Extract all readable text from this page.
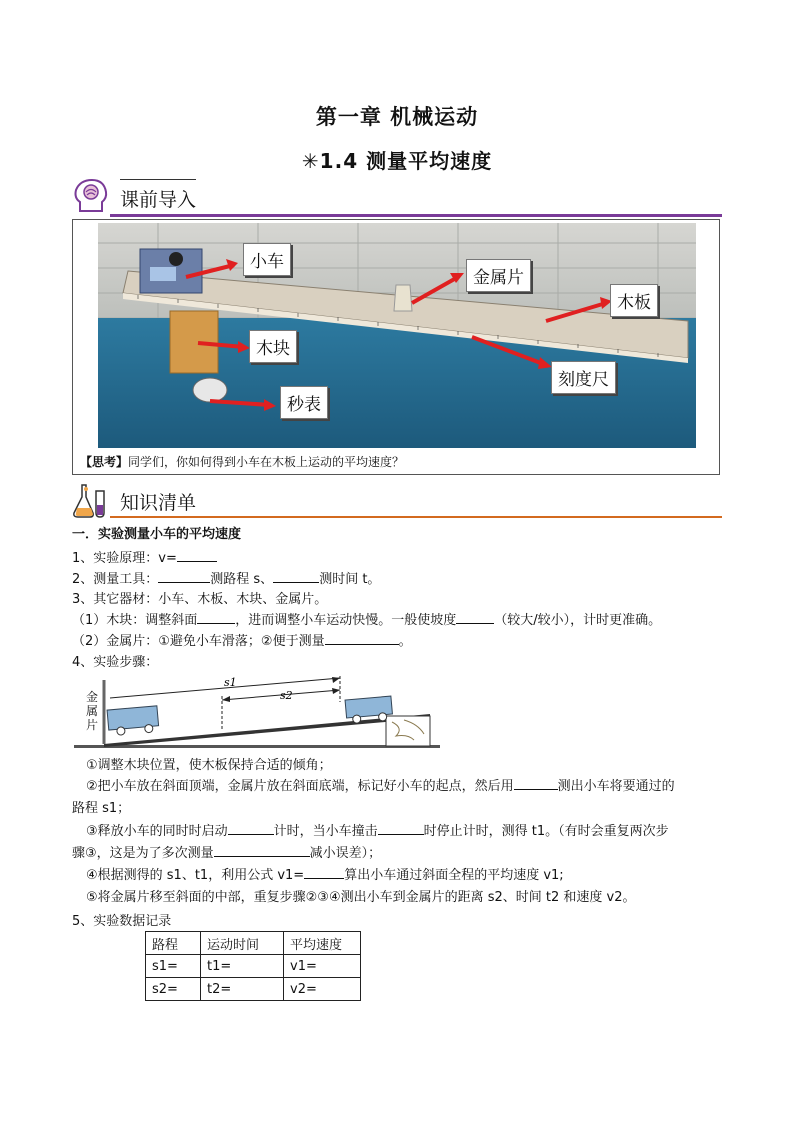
第一章 机械运动
✳1.4 测量平均速度
课前导入
小车
金属片
木板
木块
刻度尺
秒表
【思考】同学们，你如何得到小车在木板上运动的平均速度？
知识清单
一．实验测量小车的平均速度
1、实验原理：v=
2、测量工具：	测路程 s、	测时间 t。
3、其它器材：小车、木板、木块、金属片。
（1）木块：调整斜面	，进而调整小车运动快慢。一般使坡度	（较大/较小），计时更准确。
（2）金属片：①避免小车滑落；②便于测量	。
4、实验步骤：
s1
s2
金属片
①调整木块位置，使木板保持合适的倾角；
②把小车放在斜面顶端，金属片放在斜面底端，标记好小车的起点，然后用	测出小车将要通过的
路程 s1；
③释放小车的同时时启动	计时，当小车撞击	时停止计时，测得 t1。（有时会重复两次步
骤③，这是为了多次测量	减小误差）；
④根据测得的 s1、t1，利用公式 v1=	算出小车通过斜面全程的平均速度 v1;
⑤将金属片移至斜面的中部，重复步骤②③④测出小车到金属片的距离 s2、时间 t2 和速度 v2。
5、实验数据记录
路程	运动时间	平均速度
s1=	t1=	v1=
s2=	t2=	v2=
